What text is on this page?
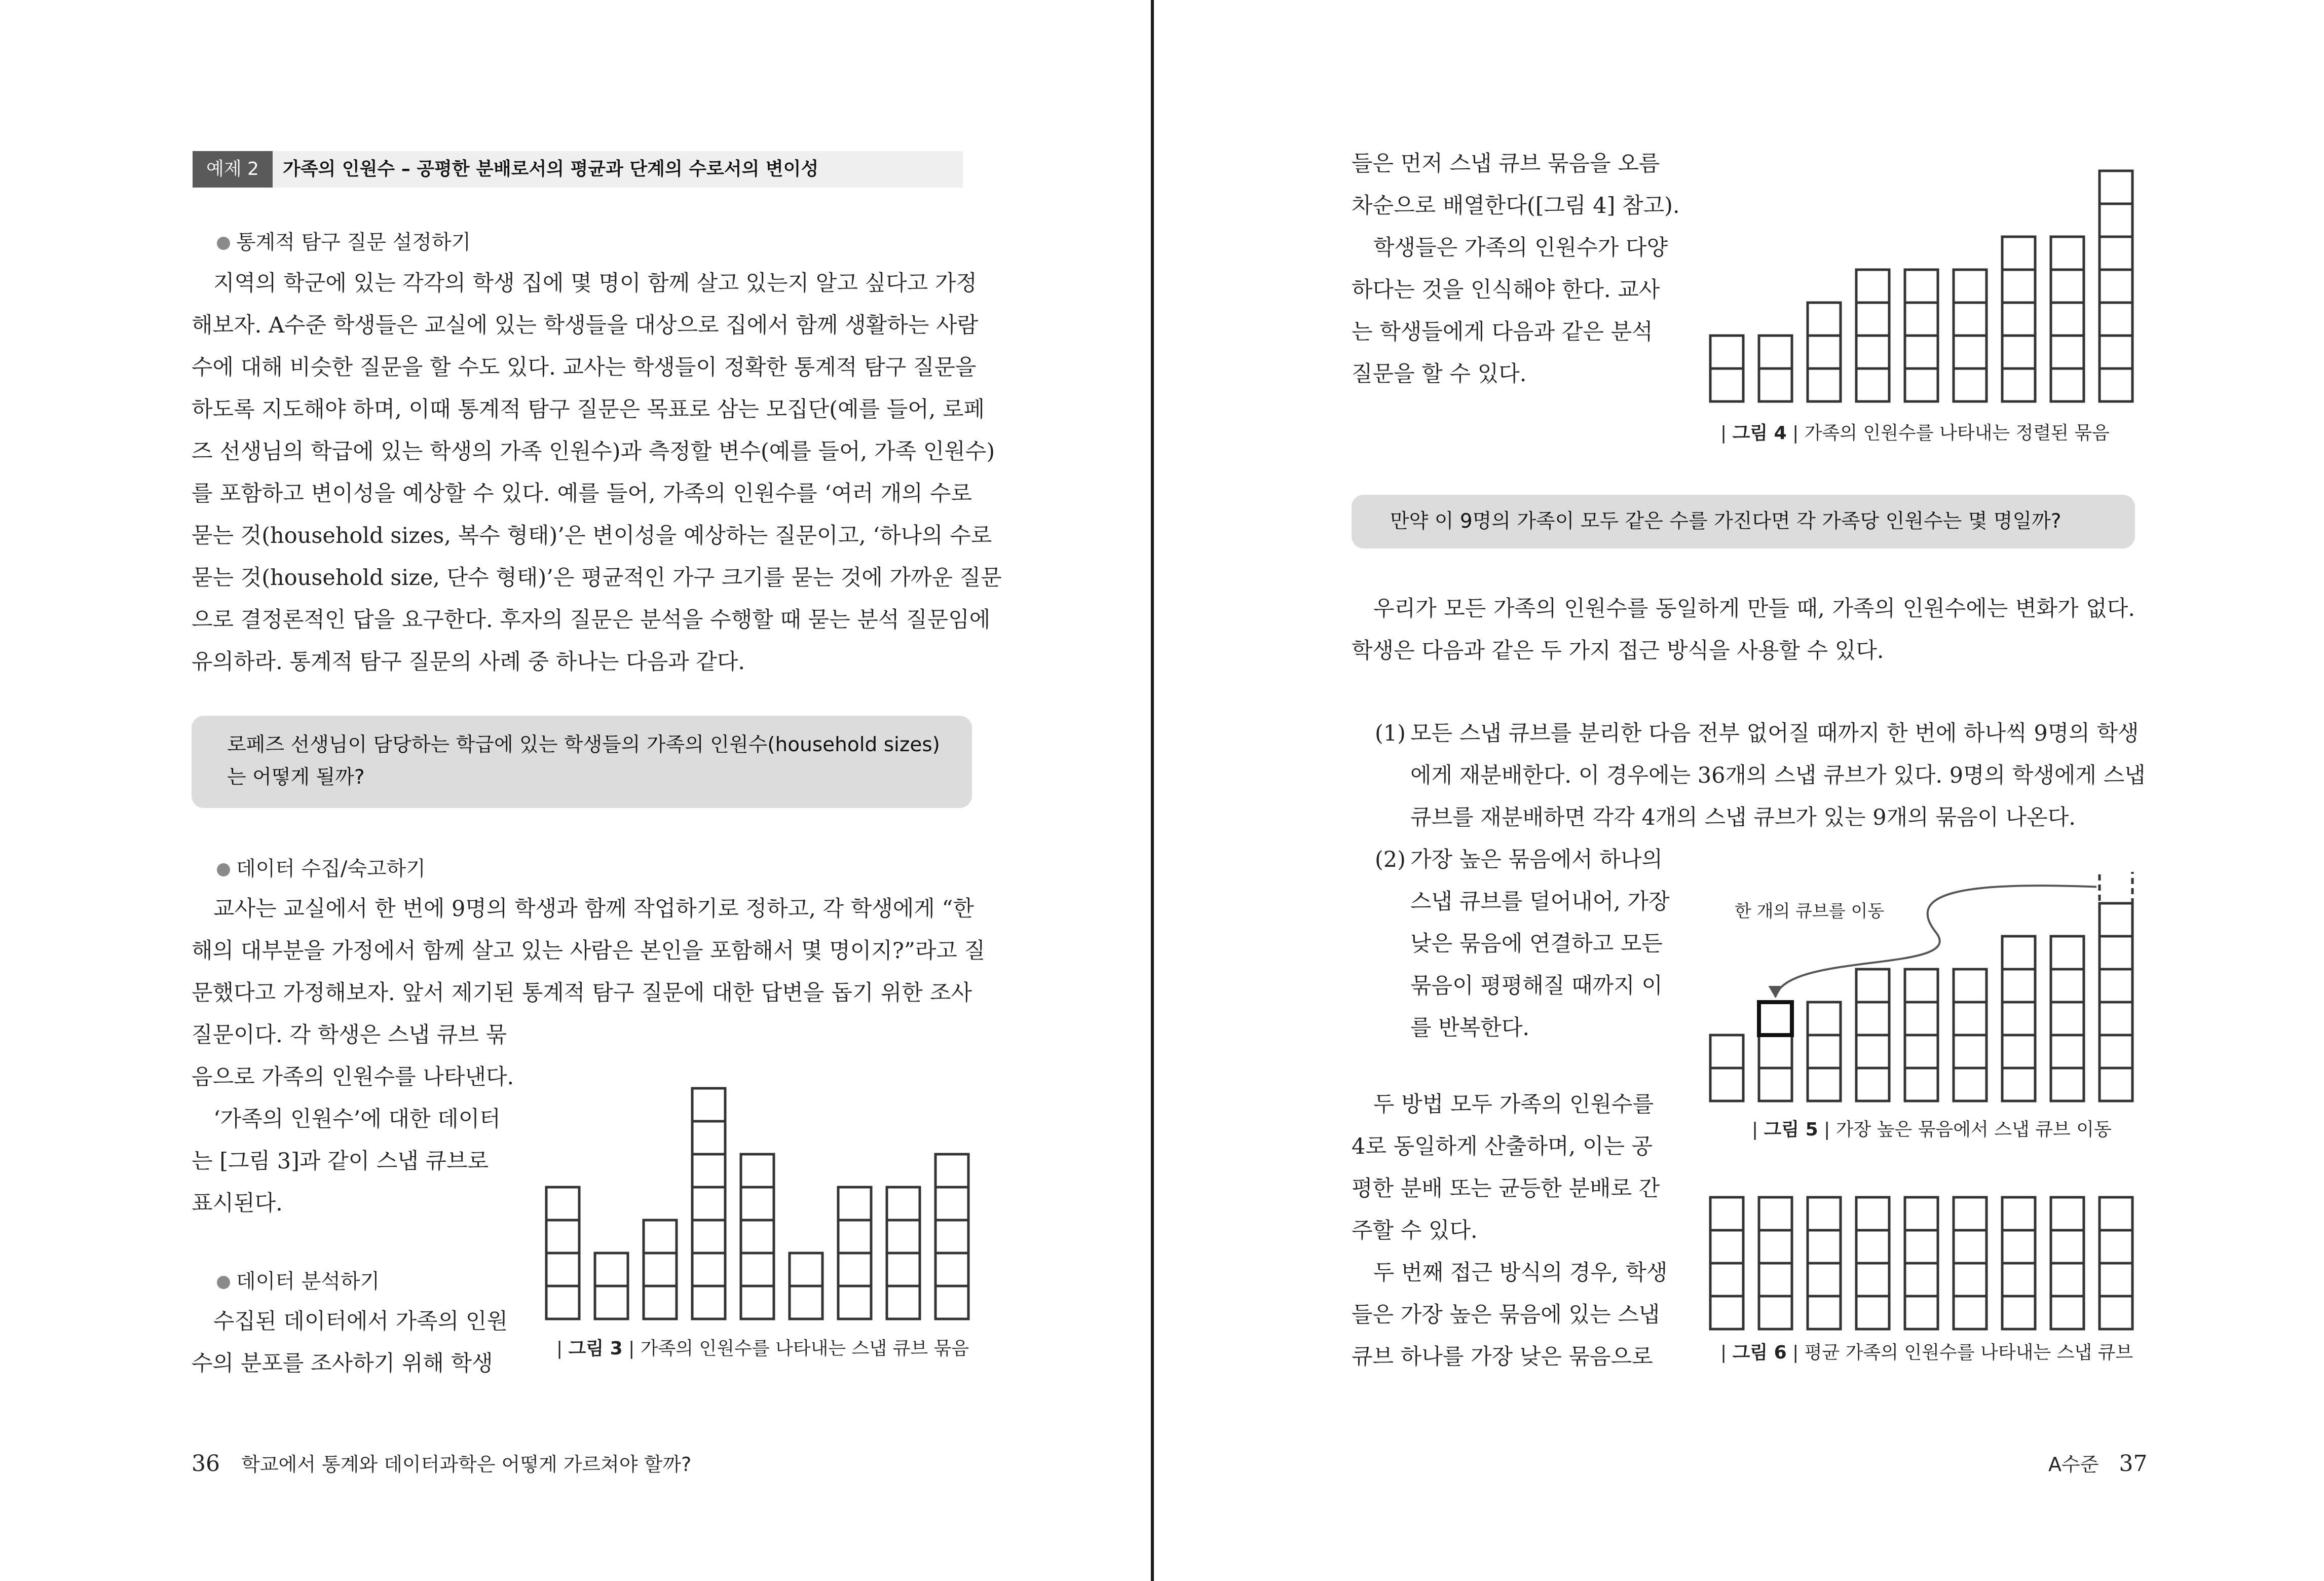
예제 2	가족의 인원수 – 공평한 분배로서의 평균과 단계의 수로서의 변이성
통계적 탐구 질문 설정하기
지역의 학군에 있는 각각의 학생 집에 몇 명이 함께 살고 있는지 알고 싶다고 가정
해보자. A수준 학생들은 교실에 있는 학생들을 대상으로 집에서 함께 생활하는 사람
수에 대해 비슷한 질문을 할 수도 있다. 교사는 학생들이 정확한 통계적 탐구 질문을
하도록 지도해야 하며, 이때 통계적 탐구 질문은 목표로 삼는 모집단(예를 들어, 로페
즈 선생님의 학급에 있는 학생의 가족 인원수)과 측정할 변수(예를 들어, 가족 인원수)
를 포함하고 변이성을 예상할 수 있다. 예를 들어, 가족의 인원수를 ‘여러 개의 수로
묻는 것(household sizes, 복수 형태)’은 변이성을 예상하는 질문이고, ‘하나의 수로
묻는 것(household size, 단수 형태)’은 평균적인 가구 크기를 묻는 것에 가까운 질문
으로 결정론적인 답을 요구한다. 후자의 질문은 분석을 수행할 때 묻는 분석 질문임에
유의하라. 통계적 탐구 질문의 사례 중 하나는 다음과 같다.
로페즈 선생님이 담당하는 학급에 있는 학생들의 가족의 인원수(household sizes)
는 어떻게 될까?
데이터 수집/숙고하기
교사는 교실에서 한 번에 9명의 학생과 함께 작업하기로 정하고, 각 학생에게 “한
해의 대부분을 가정에서 함께 살고 있는 사람은 본인을 포함해서 몇 명이지?”라고 질
문했다고 가정해보자. 앞서 제기된 통계적 탐구 질문에 대한 답변을 돕기 위한 조사
질문이다. 각 학생은 스냅 큐브 묶
음으로 가족의 인원수를 나타낸다.
‘가족의 인원수’에 대한 데이터
는 [그림 3]과 같이 스냅 큐브로
표시된다.
데이터 분석하기
수집된 데이터에서 가족의 인원
수의 분포를 조사하기 위해 학생
| 그림 3 | 가족의 인원수를 나타내는 스냅 큐브 묶음
36 학교에서 통계와 데이터과학은 어떻게 가르쳐야 할까?
들은 먼저 스냅 큐브 묶음을 오름
차순으로 배열한다([그림 4] 참고).
학생들은 가족의 인원수가 다양
하다는 것을 인식해야 한다. 교사
는 학생들에게 다음과 같은 분석
질문을 할 수 있다.
| 그림 4 | 가족의 인원수를 나타내는 정렬된 묶음
만약 이 9명의 가족이 모두 같은 수를 가진다면 각 가족당 인원수는 몇 명일까?
우리가 모든 가족의 인원수를 동일하게 만들 때, 가족의 인원수에는 변화가 없다.
학생은 다음과 같은 두 가지 접근 방식을 사용할 수 있다.
(1) 모든 스냅 큐브를 분리한 다음 전부 없어질 때까지 한 번에 하나씩 9명의 학생
에게 재분배한다. 이 경우에는 36개의 스냅 큐브가 있다. 9명의 학생에게 스냅
큐브를 재분배하면 각각 4개의 스냅 큐브가 있는 9개의 묶음이 나온다.
(2) 가장 높은 묶음에서 하나의
스냅 큐브를 덜어내어, 가장
낮은 묶음에 연결하고 모든
묶음이 평평해질 때까지 이
를 반복한다.
두 방법 모두 가족의 인원수를
4로 동일하게 산출하며, 이는 공
평한 분배 또는 균등한 분배로 간
주할 수 있다.
두 번째 접근 방식의 경우, 학생
들은 가장 높은 묶음에 있는 스냅
큐브 하나를 가장 낮은 묶음으로
한 개의 큐브를 이동
| 그림 5 | 가장 높은 묶음에서 스냅 큐브 이동
| 그림 6 | 평균 가족의 인원수를 나타내는 스냅 큐브
A수준 37
